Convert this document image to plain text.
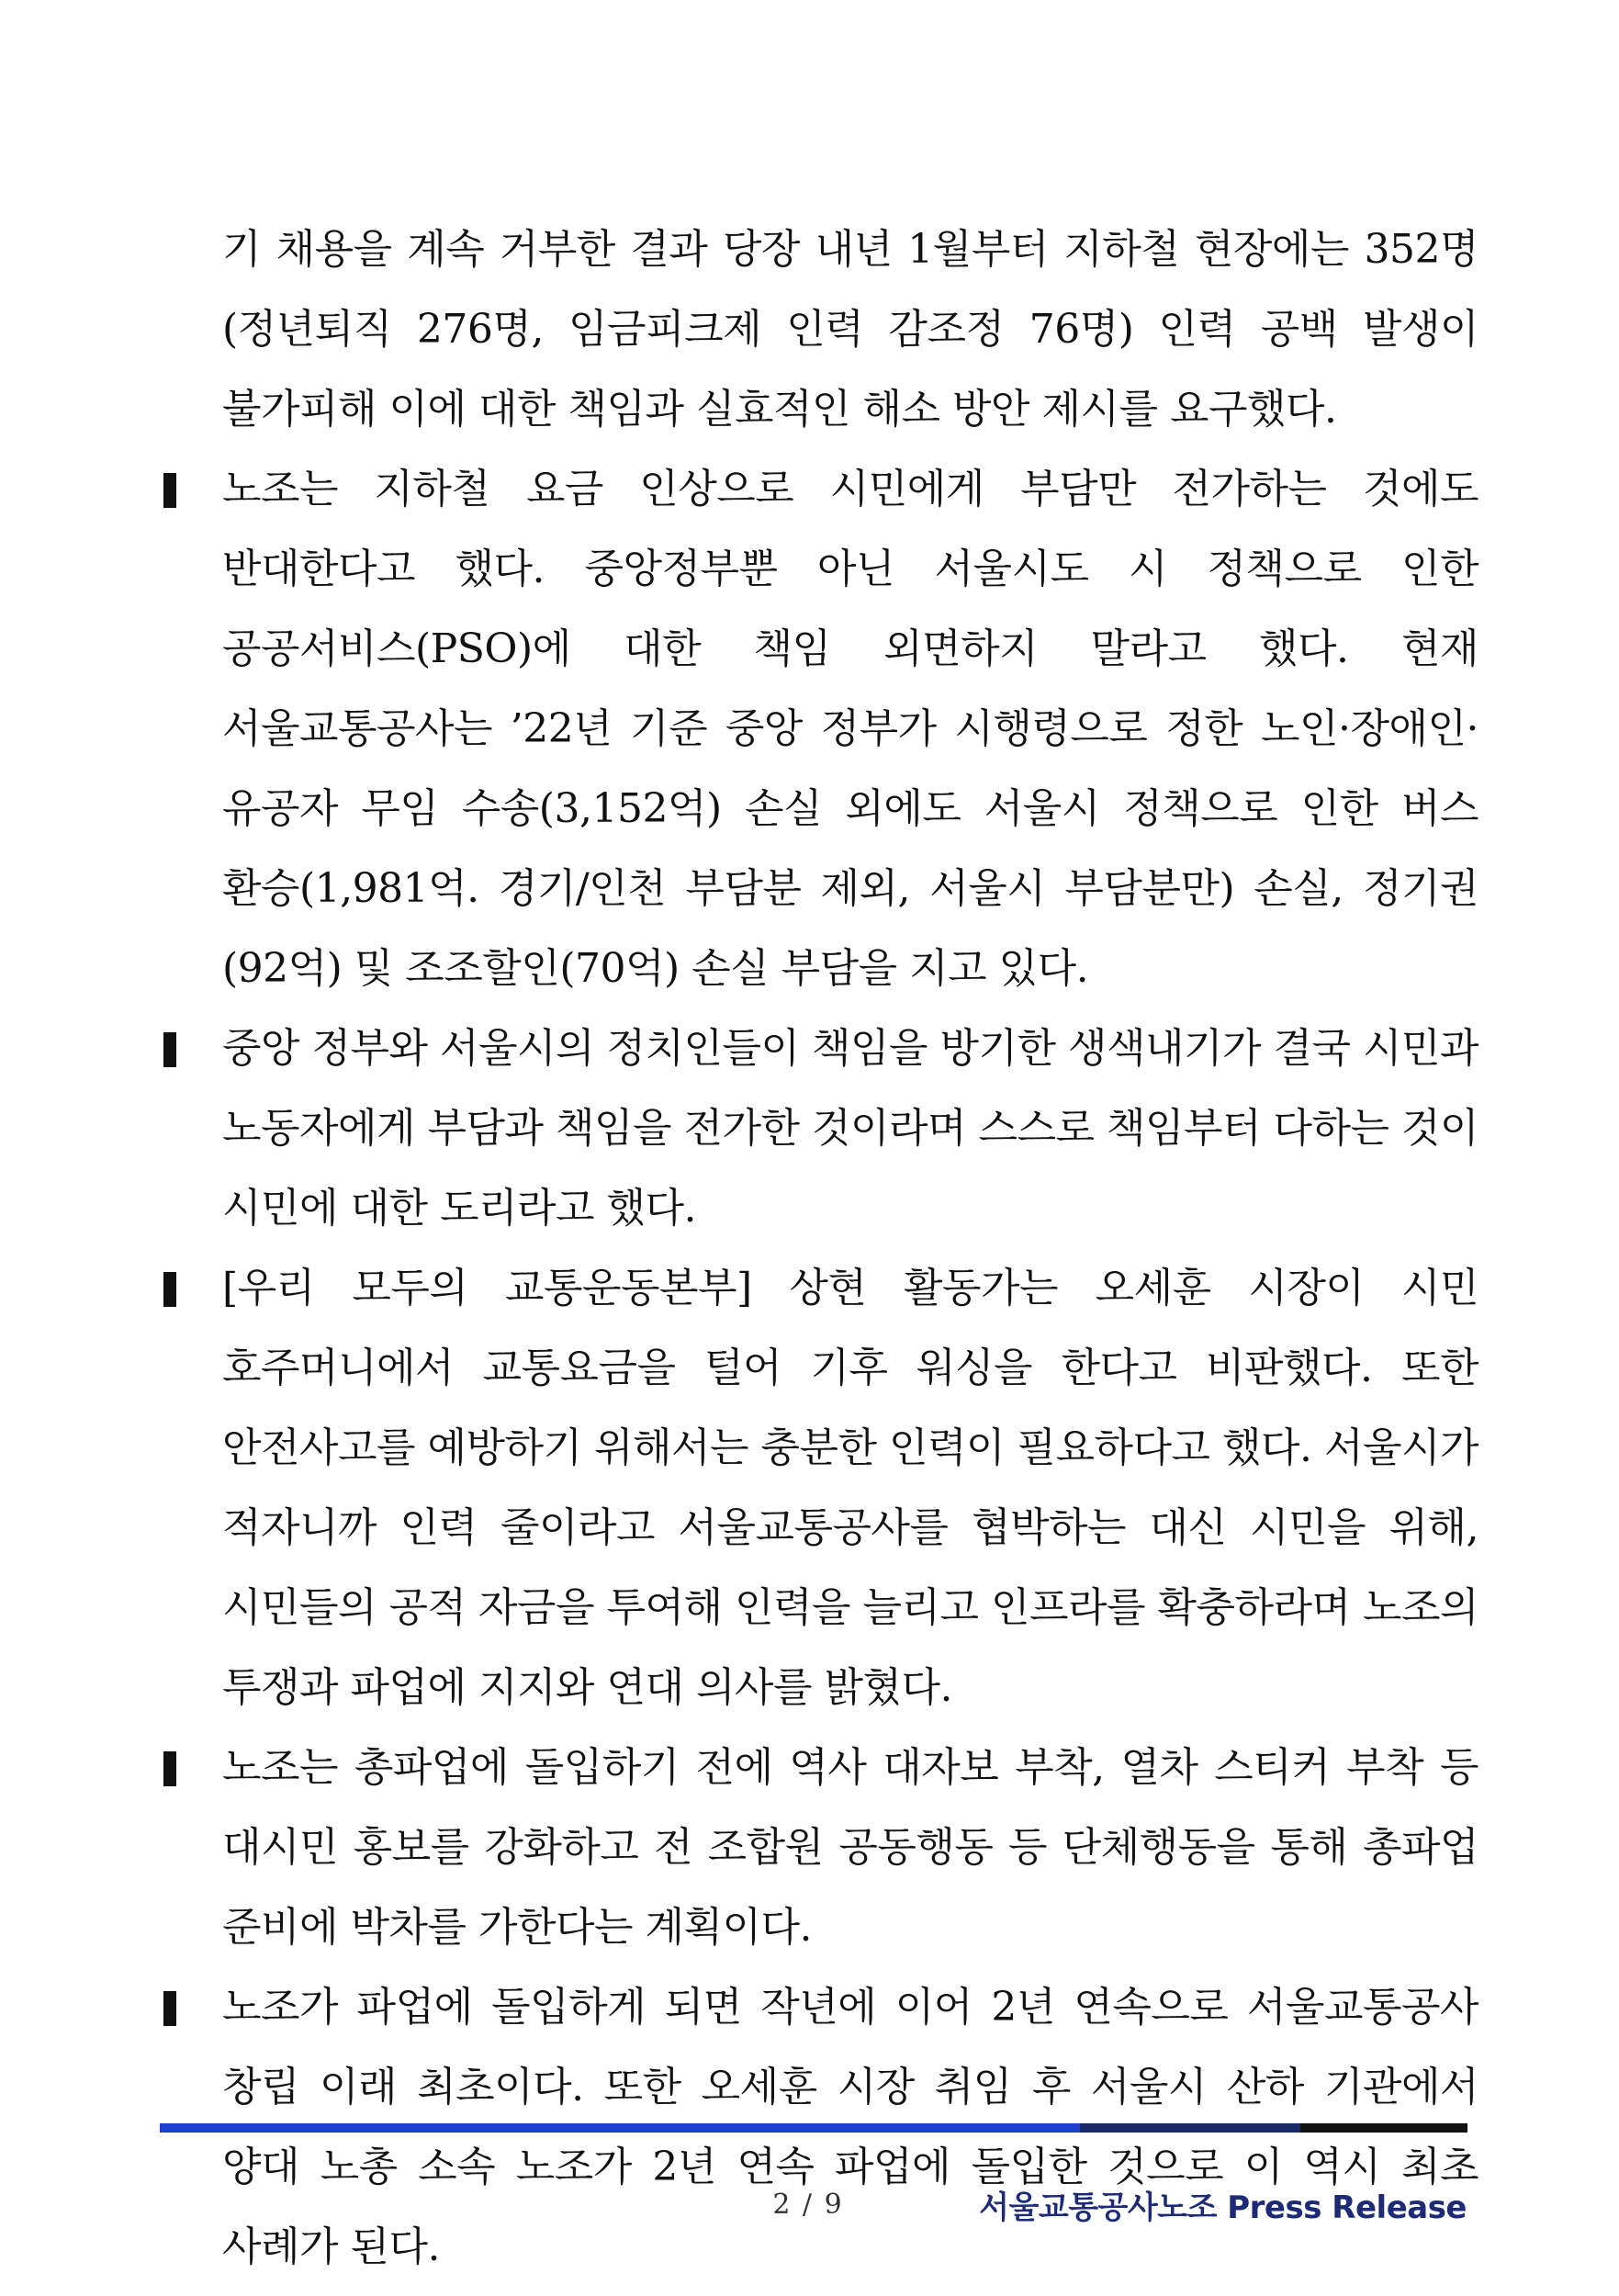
기 채용을 계속 거부한 결과 당장 내년 1월부터 지하철 현장에는 352명(정년퇴직 276명, 임금피크제 인력 감조정 76명) 인력 공백 발생이 불가피해 이에 대한 책임과 실효적인 해소 방안 제시를 요구했다.
노조는 지하철 요금 인상으로 시민에게 부담만 전가하는 것에도 반대한다고 했다. 중앙정부뿐 아닌 서울시도 시 정책으로 인한 공공서비스(PSO)에 대한 책임 외면하지 말라고 했다. 현재 서울교통공사는 ’22년 기준 중앙 정부가 시행령으로 정한 노인·장애인·유공자 무임 수송(3,152억) 손실 외에도 서울시 정책으로 인한 버스 환승(1,981억. 경기/인천 부담분 제외, 서울시 부담분만) 손실, 정기권(92억) 및 조조할인(70억) 손실 부담을 지고 있다.
중앙 정부와 서울시의 정치인들이 책임을 방기한 생색내기가 결국 시민과 노동자에게 부담과 책임을 전가한 것이라며 스스로 책임부터 다하는 것이 시민에 대한 도리라고 했다.
[우리 모두의 교통운동본부] 상현 활동가는 오세훈 시장이 시민 호주머니에서 교통요금을 털어 기후 워싱을 한다고 비판했다. 또한 안전사고를 예방하기 위해서는 충분한 인력이 필요하다고 했다. 서울시가 적자니까 인력 줄이라고 서울교통공사를 협박하는 대신 시민을 위해, 시민들의 공적 자금을 투여해 인력을 늘리고 인프라를 확충하라며 노조의 투쟁과 파업에 지지와 연대 의사를 밝혔다.
노조는 총파업에 돌입하기 전에 역사 대자보 부착, 열차 스티커 부착 등 대시민 홍보를 강화하고 전 조합원 공동행동 등 단체행동을 통해 총파업 준비에 박차를 가한다는 계획이다.
노조가 파업에 돌입하게 되면 작년에 이어 2년 연속으로 서울교통공사 창립 이래 최초이다. 또한 오세훈 시장 취임 후 서울시 산하 기관에서 양대 노총 소속 노조가 2년 연속 파업에 돌입한 것으로 이 역시 최초 사례가 된다.
2 / 9	서울교통공사노조 Press Release
